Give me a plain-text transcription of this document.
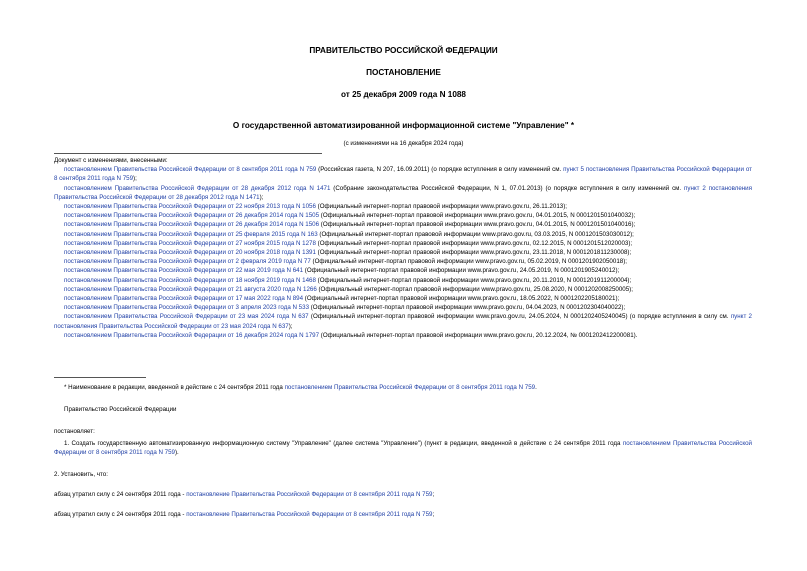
ПРАВИТЕЛЬСТВО РОССИЙСКОЙ ФЕДЕРАЦИИ
ПОСТАНОВЛЕНИЕ
от 25 декабря 2009 года N 1088
О государственной автоматизированной информационной системе "Управление" *
(с изменениями на 16 декабря 2024 года)
Документ с изменениями, внесенными:
постановлением Правительства Российской Федерации от 8 сентября 2011 года N 759 (Российская газета, N 207, 16.09.2011) (о порядке вступления в силу изменений см. пункт 5 постановления Правительства Российской Федерации от 8 сентября 2011 года N 759);
постановлением Правительства Российской Федерации от 28 декабря 2012 года N 1471 (Собрание законодательства Российской Федерации, N 1, 07.01.2013) (о порядке вступления в силу изменений см. пункт 2 постановления Правительства Российской Федерации от 28 декабря 2012 года N 1471);
постановлением Правительства Российской Федерации от 22 ноября 2013 года N 1056 (Официальный интернет-портал правовой информации www.pravo.gov.ru, 26.11.2013);
постановлением Правительства Российской Федерации от 26 декабря 2014 года N 1505 (Официальный интернет-портал правовой информации www.pravo.gov.ru, 04.01.2015, N 0001201501040032);
постановлением Правительства Российской Федерации от 26 декабря 2014 года N 1506 (Официальный интернет-портал правовой информации www.pravo.gov.ru, 04.01.2015, N 0001201501040016);
постановлением Правительства Российской Федерации от 25 февраля 2015 года N 163 (Официальный интернет-портал правовой информации www.pravo.gov.ru, 03.03.2015, N 0001201503030012);
постановлением Правительства Российской Федерации от 27 ноября 2015 года N 1278 (Официальный интернет-портал правовой информации www.pravo.gov.ru, 02.12.2015, N 0001201512020003);
постановлением Правительства Российской Федерации от 20 ноября 2018 года N 1391 (Официальный интернет-портал правовой информации www.pravo.gov.ru, 23.11.2018, N 0001201811230008);
постановлением Правительства Российской Федерации от 2 февраля 2019 года N 77 (Официальный интернет-портал правовой информации www.pravo.gov.ru, 05.02.2019, N 0001201902050018);
постановлением Правительства Российской Федерации от 22 мая 2019 года N 641 (Официальный интернет-портал правовой информации www.pravo.gov.ru, 24.05.2019, N 0001201905240012);
постановлением Правительства Российской Федерации от 18 ноября 2019 года N 1468 (Официальный интернет-портал правовой информации www.pravo.gov.ru, 20.11.2019, N 0001201911200004);
постановлением Правительства Российской Федерации от 21 августа 2020 года N 1266 (Официальный интернет-портал правовой информации www.pravo.gov.ru, 25.08.2020, N 0001202008250005);
постановлением Правительства Российской Федерации от 17 мая 2022 года N 894 (Официальный интернет-портал правовой информации www.pravo.gov.ru, 18.05.2022, N 0001202205180021);
постановлением Правительства Российской Федерации от 3 апреля 2023 года N 533 (Официальный интернет-портал правовой информации www.pravo.gov.ru, 04.04.2023, N 0001202304040022);
постановлением Правительства Российской Федерации от 23 мая 2024 года N 637 (Официальный интернет-портал правовой информации www.pravo.gov.ru, 24.05.2024, N 0001202405240045) (о порядке вступления в силу см. пункт 2 постановления Правительства Российской Федерации от 23 мая 2024 года N 637);
постановлением Правительства Российской Федерации от 16 декабря 2024 года N 1797 (Официальный интернет-портал правовой информации www.pravo.gov.ru, 20.12.2024, № 0001202412200081).
* Наименование в редакции, введенной в действие с 24 сентября 2011 года постановлением Правительства Российской Федерации от 8 сентября 2011 года N 759.
Правительство Российской Федерации
постановляет:
1. Создать государственную автоматизированную информационную систему "Управление" (далее система "Управление") (пункт в редакции, введенной в действие с 24 сентября 2011 года постановлением Правительства Российской Федерации от 8 сентября 2011 года N 759).
2. Установить, что:
абзац утратил силу с 24 сентября 2011 года - постановление Правительства Российской Федерации от 8 сентября 2011 года N 759;
абзац утратил силу с 24 сентября 2011 года - постановление Правительства Российской Федерации от 8 сентября 2011 года N 759;
